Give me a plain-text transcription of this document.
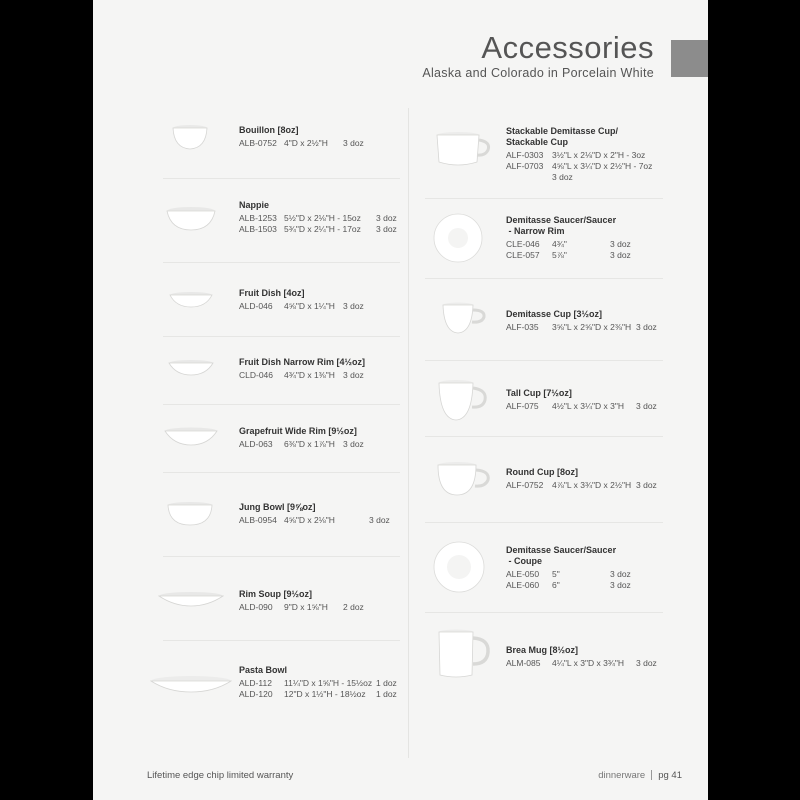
Accessories
Alaska and Colorado in Porcelain White
Bouillon [8oz]
ALB-0752 4"D x 2½"H 3 doz
Nappie
ALB-1253 5½"D x 2⅛"H - 15oz 3 doz
ALB-1503 5¾"D x 2¼"H - 17oz 3 doz
Fruit Dish [4oz]
ALD-046 4⅝"D x 1¼"H 3 doz
Fruit Dish Narrow Rim [4½oz]
CLD-046 4¾"D x 1⅜"H 3 doz
Grapefruit Wide Rim [9½oz]
ALD-063 6⅜"D x 1⅞"H 3 doz
Jung Bowl [9⅝oz]
ALB-0954 4⅝"D x 2⅛"H	3 doz
Rim Soup [9½oz]
ALD-090 9"D x 1⅝"H 2 doz
Pasta Bowl
ALD-112 11¼"D x 1⅝"H - 15½oz 1 doz
ALD-120 12"D x 1½"H - 18½oz 1 doz
Stackable Demitasse Cup/
Stackable Cup
ALF-0303 3½"L x 2⅛"D x 2"H - 3oz
ALF-0703 4⅝"L x 3¼"D x 2½"H - 7oz
3 doz
Demitasse Saucer/Saucer
- Narrow Rim
CLE-046 4¾"	3 doz
CLE-057 5⅞"	3 doz
Demitasse Cup [3½oz]
ALF-035 3⅝"L x 2⅝"D x 2⅜"H 3 doz
Tall Cup [7½oz]
ALF-075 4½"L x 3¼"D x 3"H 3 doz
Round Cup [8oz]
ALF-0752 4⅞"L x 3¾"D x 2½"H 3 doz
Demitasse Saucer/Saucer
- Coupe
ALE-050 5"	3 doz
ALE-060 6"	3 doz
Brea Mug [8½oz]
ALM-085 4¼"L x 3"D x 3¾"H 3 doz
Lifetime edge chip limited warranty	dinnerware pg 41
